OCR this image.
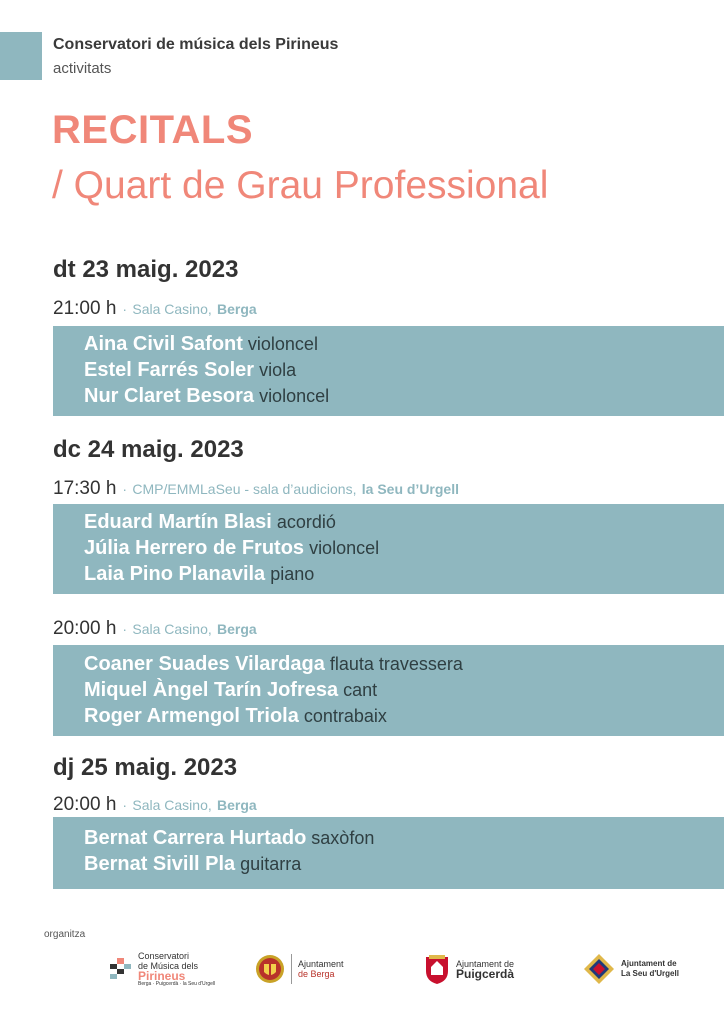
Conservatori de música dels Pirineus
activitats
RECITALS
/ Quart de Grau Professional
dt 23 maig. 2023
21:00 h · Sala Casino, Berga
Aina Civil Safont violoncel
Estel Farrés Soler viola
Nur Claret Besora violoncel
dc 24 maig. 2023
17:30 h · CMP/EMMLaSeu - sala d’audicions, la Seu d’Urgell
Eduard Martín Blasi acordió
Júlia Herrero de Frutos violoncel
Laia Pino Planavila piano
20:00 h · Sala Casino, Berga
Coaner Suades Vilardaga flauta travessera
Miquel Àngel Tarín Jofresa cant
Roger Armengol Triola contrabaix
dj 25 maig. 2023
20:00 h · Sala Casino, Berga
Bernat Carrera Hurtado saxòfon
Bernat Sivill Pla guitarra
organitza
Conservatori
de Música dels
Pirineus
Berga · Puigcerdà · la Seu d'Urgell
Ajuntament
de Berga
Ajuntament de
Puigcerdà
Ajuntament de
La Seu d'Urgell
